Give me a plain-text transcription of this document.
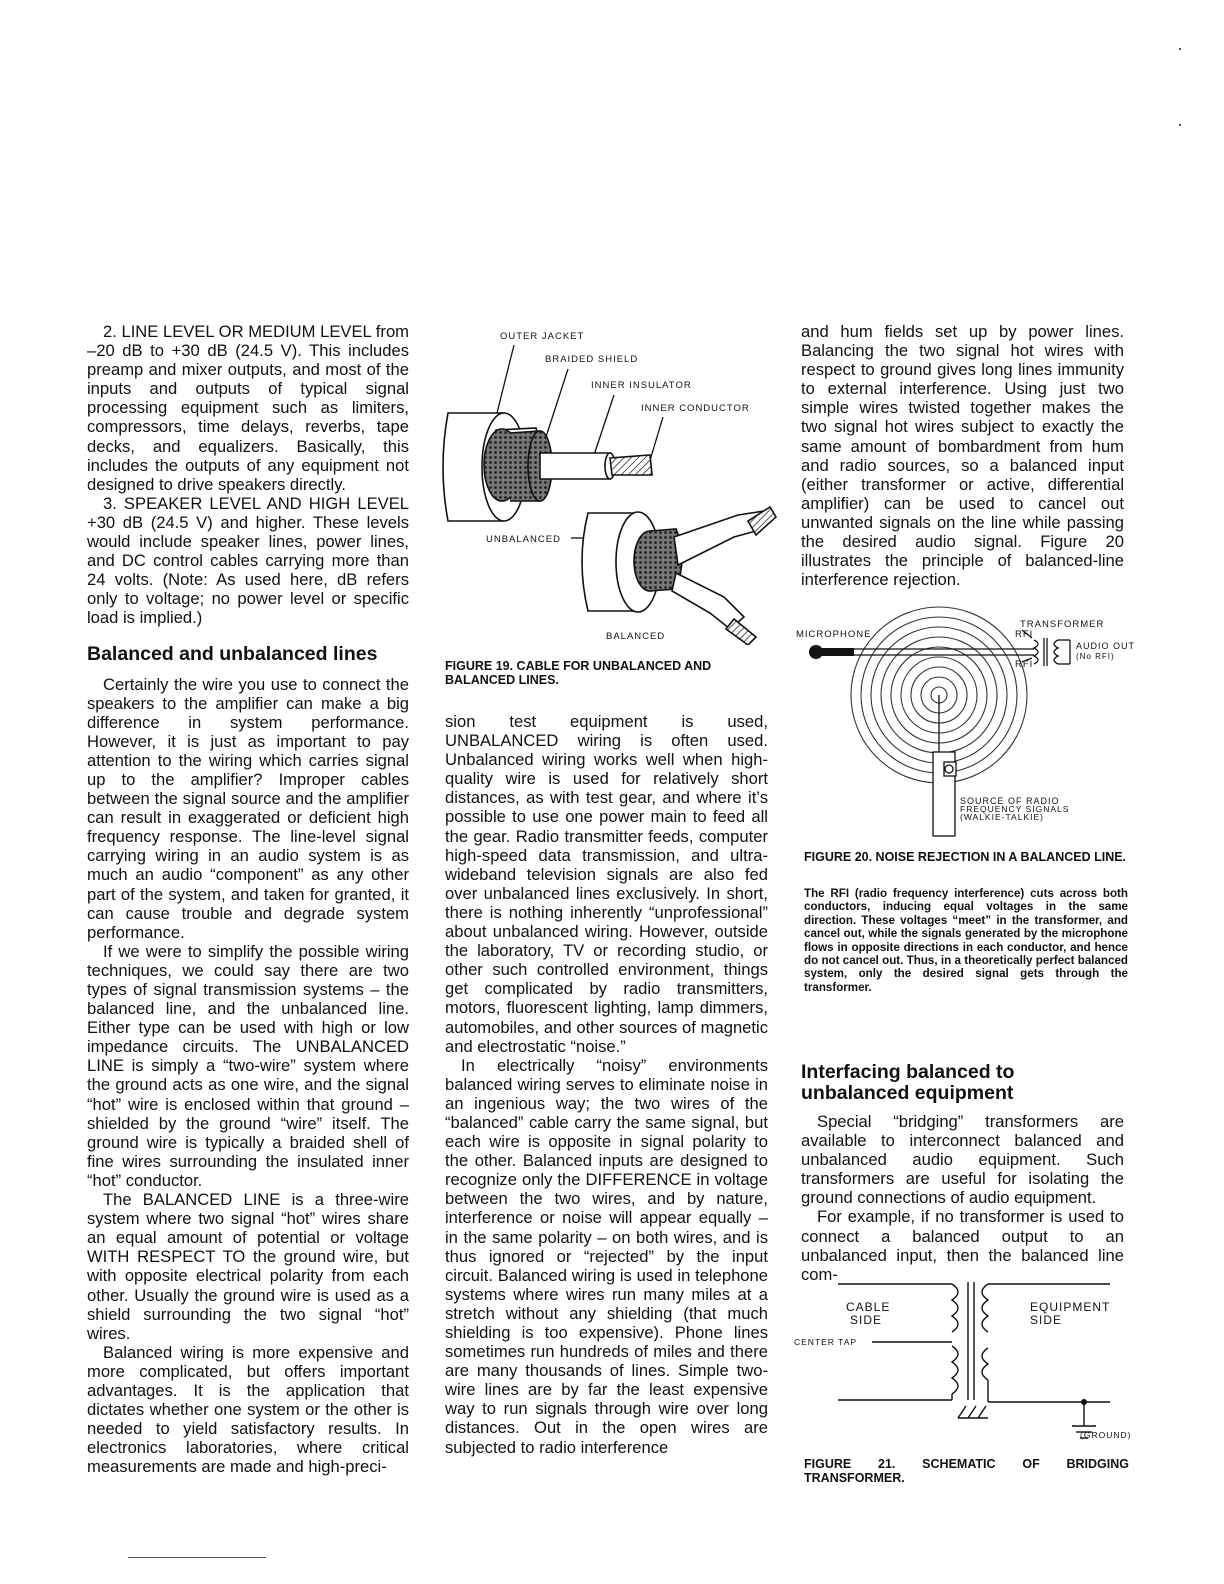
2. LINE LEVEL OR MEDIUM LEVEL from –20 dB to +30 dB (24.5 V). This includes preamp and mixer outputs, and most of the inputs and outputs of typical signal processing equipment such as limiters, compressors, time delays, reverbs, tape decks, and equalizers. Basically, this includes the outputs of any equipment not designed to drive speakers directly.

3. SPEAKER LEVEL AND HIGH LEVEL +30 dB (24.5 V) and higher. These levels would include speaker lines, power lines, and DC control cables carrying more than 24 volts. (Note: As used here, dB refers only to voltage; no power level or specific load is implied.)

Balanced and unbalanced lines

Certainly the wire you use to connect the speakers to the amplifier can make a big difference in system performance. However, it is just as important to pay attention to the wiring which carries signal up to the amplifier? Improper cables between the signal source and the amplifier can result in exaggerated or deficient high frequency response. The line-level signal carrying wiring in an audio system is as much an audio “component” as any other part of the system, and taken for granted, it can cause trouble and degrade system performance.

If we were to simplify the possible wiring techniques, we could say there are two types of signal transmission systems – the balanced line, and the unbalanced line. Either type can be used with high or low impedance circuits. The UNBALANCED LINE is simply a “two-wire” system where the ground acts as one wire, and the signal “hot” wire is enclosed within that ground – shielded by the ground “wire” itself. The ground wire is typically a braided shell of fine wires surrounding the insulated inner “hot” conductor.

The BALANCED LINE is a three-wire system where two signal “hot” wires share an equal amount of potential or voltage WITH RESPECT TO the ground wire, but with opposite electrical polarity from each other. Usually the ground wire is used as a shield surrounding the two signal “hot” wires.

Balanced wiring is more expensive and more complicated, but offers important advantages. It is the application that dictates whether one system or the other is needed to yield satisfactory results. In electronics laboratories, where critical measurements are made and high-preci-

OUTER JACKET
BRAIDED SHIELD
INNER INSULATOR
INNER CONDUCTOR
UNBALANCED
BALANCED
FIGURE 19. CABLE FOR UNBALANCED AND BALANCED LINES.

sion test equipment is used, UNBALANCED wiring is often used. Unbalanced wiring works well when high-quality wire is used for relatively short distances, as with test gear, and where it’s possible to use one power main to feed all the gear. Radio transmitter feeds, computer high-speed data transmission, and ultra-wideband television signals are also fed over unbalanced lines exclusively. In short, there is nothing inherently “unprofessional” about unbalanced wiring. However, outside the laboratory, TV or recording studio, or other such controlled environment, things get complicated by radio transmitters, motors, fluorescent lighting, lamp dimmers, automobiles, and other sources of magnetic and electrostatic “noise.”

In electrically “noisy” environments balanced wiring serves to eliminate noise in an ingenious way; the two wires of the “balanced” cable carry the same signal, but each wire is opposite in signal polarity to the other. Balanced inputs are designed to recognize only the DIFFERENCE in voltage between the two wires, and by nature, interference or noise will appear equally – in the same polarity – on both wires, and is thus ignored or “rejected” by the input circuit. Balanced wiring is used in telephone systems where wires run many miles at a stretch without any shielding (that much shielding is too expensive). Phone lines sometimes run hundreds of miles and there are many thousands of lines. Simple two-wire lines are by far the least expensive way to run signals through wire over long distances. Out in the open wires are subjected to radio interference

and hum fields set up by power lines. Balancing the two signal hot wires with respect to ground gives long lines immunity to external interference. Using just two simple wires twisted together makes the two signal hot wires subject to exactly the same amount of bombardment from hum and radio sources, so a balanced input (either transformer or active, differential amplifier) can be used to cancel out unwanted signals on the line while passing the desired audio signal. Figure 20 illustrates the principle of balanced-line interference rejection.

TRANSFORMER
MICROPHONE	RFI
RFI
AUDIO OUT
(No RFI)
SOURCE OF RADIO
FREQUENCY SIGNALS
(WALKIE-TALKIE)
FIGURE 20. NOISE REJECTION IN A BALANCED LINE.
The RFI (radio frequency interference) cuts across both conductors, inducing equal voltages in the same direction. These voltages “meet” in the transformer, and cancel out, while the signals generated by the microphone flows in opposite directions in each conductor, and hence do not cancel out. Thus, in a theoretically perfect balanced system, only the desired signal gets through the transformer.
Interfacing balanced to unbalanced equipment

Special “bridging” transformers are available to interconnect balanced and unbalanced audio equipment. Such transformers are useful for isolating the ground connections of audio equipment.

For example, if no transformer is used to connect a balanced output to an unbalanced input, then the balanced line com-

CABLE
SIDE
EQUIPMENT
SIDE
CENTER TAP
(GROUND)
FIGURE 21. SCHEMATIC OF BRIDGING TRANSFORMER.
